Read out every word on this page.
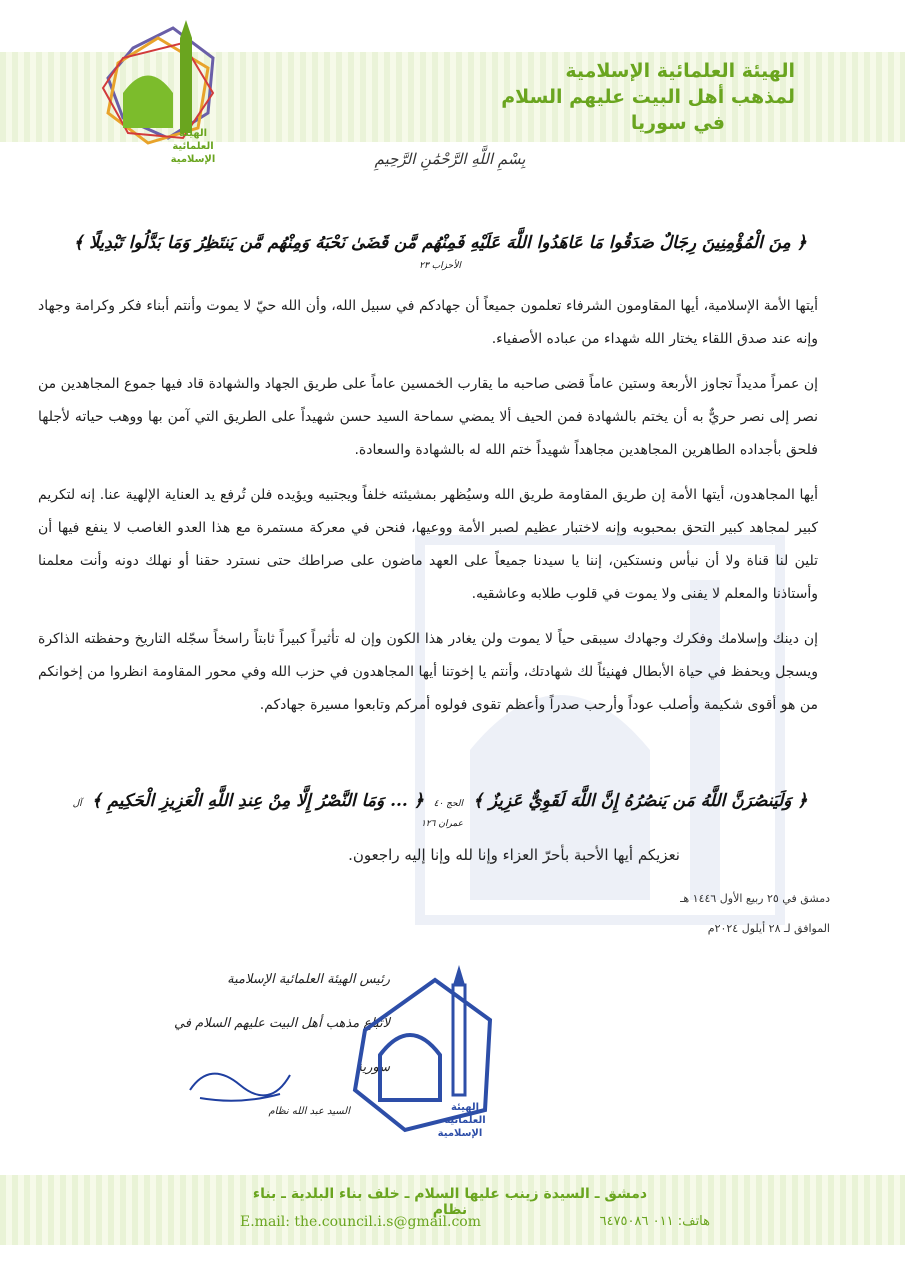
الهيئة العلمائية الإسلامية
لمذهب أهل البيت عليهم السلام
في سوريا
الهيئة
العلمائية
الإسلامية	بِسْمِ اللَّهِ الرَّحْمَٰنِ الرَّحِيمِ
﴿ مِنَ الْمُؤْمِنِينَ رِجَالٌ صَدَقُوا مَا عَاهَدُوا اللَّهَ عَلَيْهِ فَمِنْهُم مَّن قَضَىٰ نَحْبَهُ وَمِنْهُم مَّن يَنتَظِرُ وَمَا بَدَّلُوا تَبْدِيلًا ﴾ الأحزاب ٢٣

أيتها الأمة الإسلامية، أيها المقاومون الشرفاء تعلمون جميعاً أن جهادكم في سبيل الله، وأن الله حيّ لا يموت وأنتم أبناء فكر وكرامة وجهاد وإنه عند صدق اللقاء يختار الله شهداء من عباده الأصفياء.

إن عمراً مديداً تجاوز الأربعة وستين عاماً قضى صاحبه ما يقارب الخمسين عاماً على طريق الجهاد والشهادة قاد فيها جموع المجاهدين من نصر إلى نصر حريٌّ به أن يختم بالشهادة فمن الحيف ألا يمضي سماحة السيد حسن شهيداً على الطريق التي آمن بها ووهب حياته لأجلها فلحق بأجداده الطاهرين المجاهدين مجاهداً شهيداً ختم الله له بالشهادة والسعادة.

أيها المجاهدون، أيتها الأمة إن طريق المقاومة طريق الله وسيُظهر بمشيئته خلفاً ويجتبيه ويؤيده فلن تُرفع يد العناية الإلهية عنا. إنه لتكريم كبير لمجاهد كبير التحق بمحبوبه وإنه لاختبار عظيم لصبر الأمة ووعيها، فنحن في معركة مستمرة مع هذا العدو الغاصب لا ينفع فيها أن تلين لنا قناة ولا أن نيأس ونستكين، إننا يا سيدنا جميعاً على العهد ماضون على صراطك حتى نسترد حقنا أو نهلك دونه وأنت معلمنا وأستاذنا والمعلم لا يفنى ولا يموت في قلوب طلابه وعاشقيه.

إن دينك وإسلامك وفكرك وجهادك سيبقى حياً لا يموت ولن يغادر هذا الكون وإن له تأثيراً كبيراً ثابتاً راسخاً سجّله التاريخ وحفظته الذاكرة ويسجل ويحفظ في حياة الأبطال فهنيئاً لك شهادتك، وأنتم يا إخوتنا أيها المجاهدون في حزب الله وفي محور المقاومة انظروا من إخوانكم من هو أقوى شكيمة وأصلب عوداً وأرحب صدراً وأعظم تقوى فولوه أمركم وتابعوا مسيرة جهادكم.

﴿ وَلَيَنصُرَنَّ اللَّهُ مَن يَنصُرُهُ إِنَّ اللَّهَ لَقَوِيٌّ عَزِيزٌ ﴾ الحج ٤٠ ﴿ ... وَمَا النَّصْرُ إِلَّا مِنْ عِندِ اللَّهِ الْعَزِيزِ الْحَكِيمِ ﴾ آل عمران ١٢٦
نعزيكم أيها الأحبة بأحرّ العزاء وإنا لله وإنا إليه راجعون.
دمشق في ٢٥ ربيع الأول ١٤٤٦ هـ
الموافق لـ ٢٨ أيلول ٢٠٢٤م
رئيس الهيئة العلمائية الإسلامية
لأتباع مذهب أهل البيت عليهم السلام في سورية
السيد عبد الله نظام	الهيئة
العلمائية
الإسلامية
دمشق ـ السيدة زينب عليها السلام ـ خلف بناء البلدية ـ بناء نظام
E.mail: the.council.i.s@gmail.com	هاتف: ٠١١ ٦٤٧٥٠٨٦
